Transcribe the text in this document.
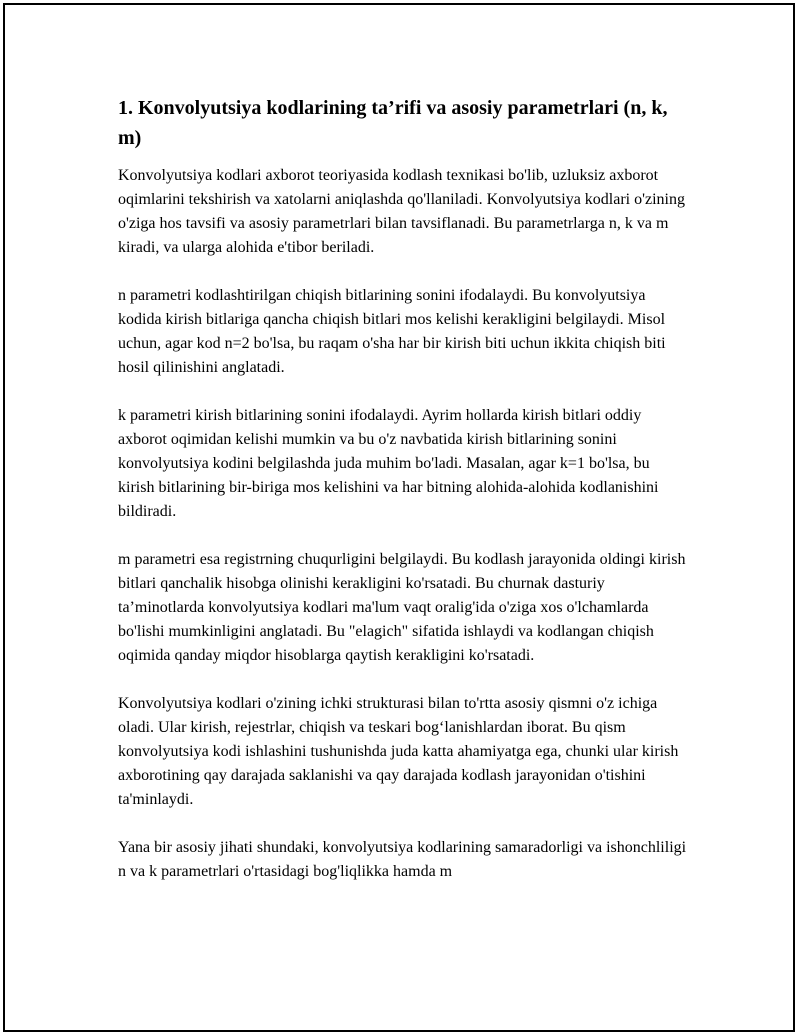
1. Konvolyutsiya kodlarining ta’rifi va asosiy parametrlari (n, k, m)

Konvolyutsiya kodlari axborot teoriyasida kodlash texnikasi bo'lib, uzluksiz axborot oqimlarini tekshirish va xatolarni aniqlashda qo'llaniladi. Konvolyutsiya kodlari o'zining o'ziga hos tavsifi va asosiy parametrlari bilan tavsiflanadi. Bu parametrlarga n, k va m kiradi, va ularga alohida e'tibor beriladi.

n parametri kodlashtirilgan chiqish bitlarining sonini ifodalaydi. Bu konvolyutsiya kodida kirish bitlariga qancha chiqish bitlari mos kelishi kerakligini belgilaydi. Misol uchun, agar kod n=2 bo'lsa, bu raqam o'sha har bir kirish biti uchun ikkita chiqish biti hosil qilinishini anglatadi.

k parametri kirish bitlarining sonini ifodalaydi. Ayrim hollarda kirish bitlari oddiy axborot oqimidan kelishi mumkin va bu o'z navbatida kirish bitlarining sonini konvolyutsiya kodini belgilashda juda muhim bo'ladi. Masalan, agar k=1 bo'lsa, bu kirish bitlarining bir-biriga mos kelishini va har bitning alohida-alohida kodlanishini bildiradi.

m parametri esa registrning chuqurligini belgilaydi. Bu kodlash jarayonida oldingi kirish bitlari qanchalik hisobga olinishi kerakligini ko'rsatadi. Bu churnak dasturiy ta’minotlarda konvolyutsiya kodlari ma'lum vaqt oralig'ida o'ziga xos o'lchamlarda bo'lishi mumkinligini anglatadi. Bu "elagich" sifatida ishlaydi va kodlangan chiqish oqimida qanday miqdor hisoblarga qaytish kerakligini ko'rsatadi.

Konvolyutsiya kodlari o'zining ichki strukturasi bilan to'rtta asosiy qismni o'z ichiga oladi. Ular kirish, rejestrlar, chiqish va teskari bog‘lanishlardan iborat. Bu qism konvolyutsiya kodi ishlashini tushunishda juda katta ahamiyatga ega, chunki ular kirish axborotining qay darajada saklanishi va qay darajada kodlash jarayonidan o'tishini ta'minlaydi.

Yana bir asosiy jihati shundaki, konvolyutsiya kodlarining samaradorligi va ishonchliligi n va k parametrlari o'rtasidagi bog'liqlikka hamda m
